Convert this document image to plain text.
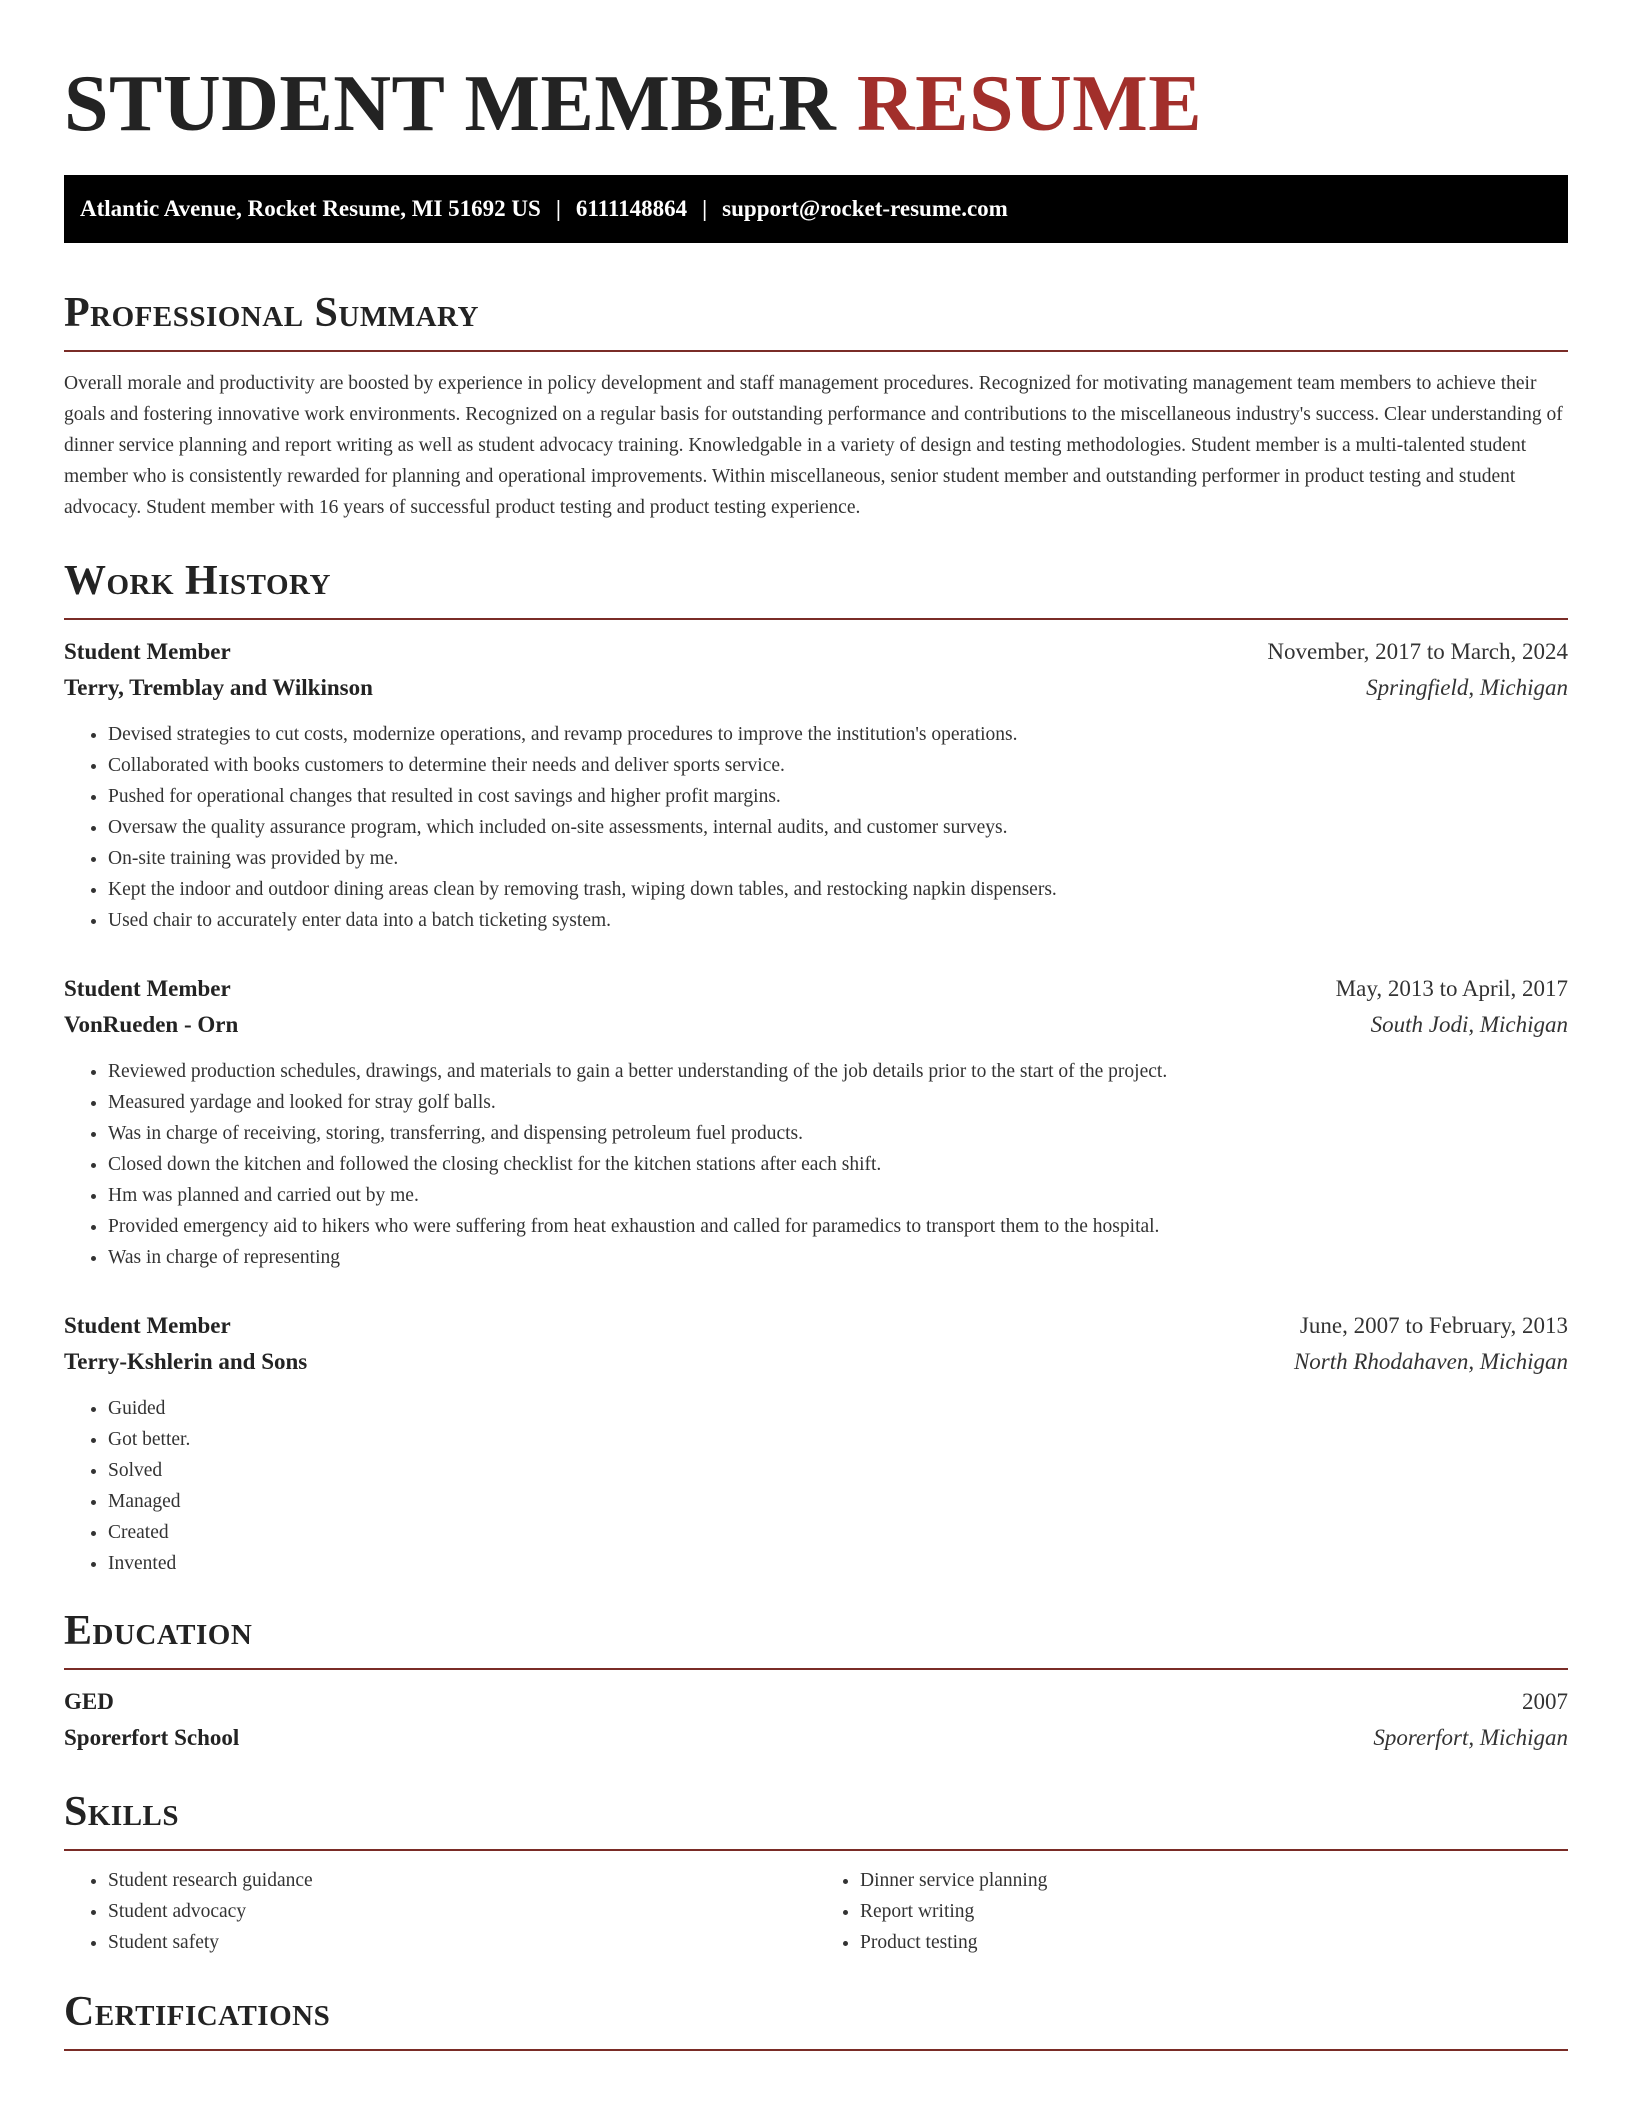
STUDENT MEMBER RESUME
Atlantic Avenue, Rocket Resume, MI 51692 US | 6111148864 | support@rocket-resume.com
Professional Summary

Overall morale and productivity are boosted by experience in policy development and staff management procedures. Recognized for motivating management team members to achieve their goals and fostering innovative work environments. Recognized on a regular basis for outstanding performance and contributions to the miscellaneous industry's success. Clear understanding of dinner service planning and report writing as well as student advocacy training. Knowledgable in a variety of design and testing methodologies. Student member is a multi-talented student member who is consistently rewarded for planning and operational improvements. Within miscellaneous, senior student member and outstanding performer in product testing and student advocacy. Student member with 16 years of successful product testing and product testing experience.

Work History
Student Member	November, 2017 to March, 2024
Terry, Tremblay and Wilkinson	Springfield, Michigan
• Devised strategies to cut costs, modernize operations, and revamp procedures to improve the institution's operations.
• Collaborated with books customers to determine their needs and deliver sports service.
• Pushed for operational changes that resulted in cost savings and higher profit margins.
• Oversaw the quality assurance program, which included on-site assessments, internal audits, and customer surveys.
• On-site training was provided by me.
• Kept the indoor and outdoor dining areas clean by removing trash, wiping down tables, and restocking napkin dispensers.
• Used chair to accurately enter data into a batch ticketing system.
Student Member	May, 2013 to April, 2017
VonRueden - Orn	South Jodi, Michigan
• Reviewed production schedules, drawings, and materials to gain a better understanding of the job details prior to the start of the project.
• Measured yardage and looked for stray golf balls.
• Was in charge of receiving, storing, transferring, and dispensing petroleum fuel products.
• Closed down the kitchen and followed the closing checklist for the kitchen stations after each shift.
• Hm was planned and carried out by me.
• Provided emergency aid to hikers who were suffering from heat exhaustion and called for paramedics to transport them to the hospital.
• Was in charge of representing
Student Member	June, 2007 to February, 2013
Terry-Kshlerin and Sons	North Rhodahaven, Michigan
• Guided
• Got better.
• Solved
• Managed
• Created
• Invented
Education
GED	2007
Sporerfort School	Sporerfort, Michigan
Skills
• Student research guidance
• Student advocacy
• Student safety
• Dinner service planning
• Report writing
• Product testing
Certifications
